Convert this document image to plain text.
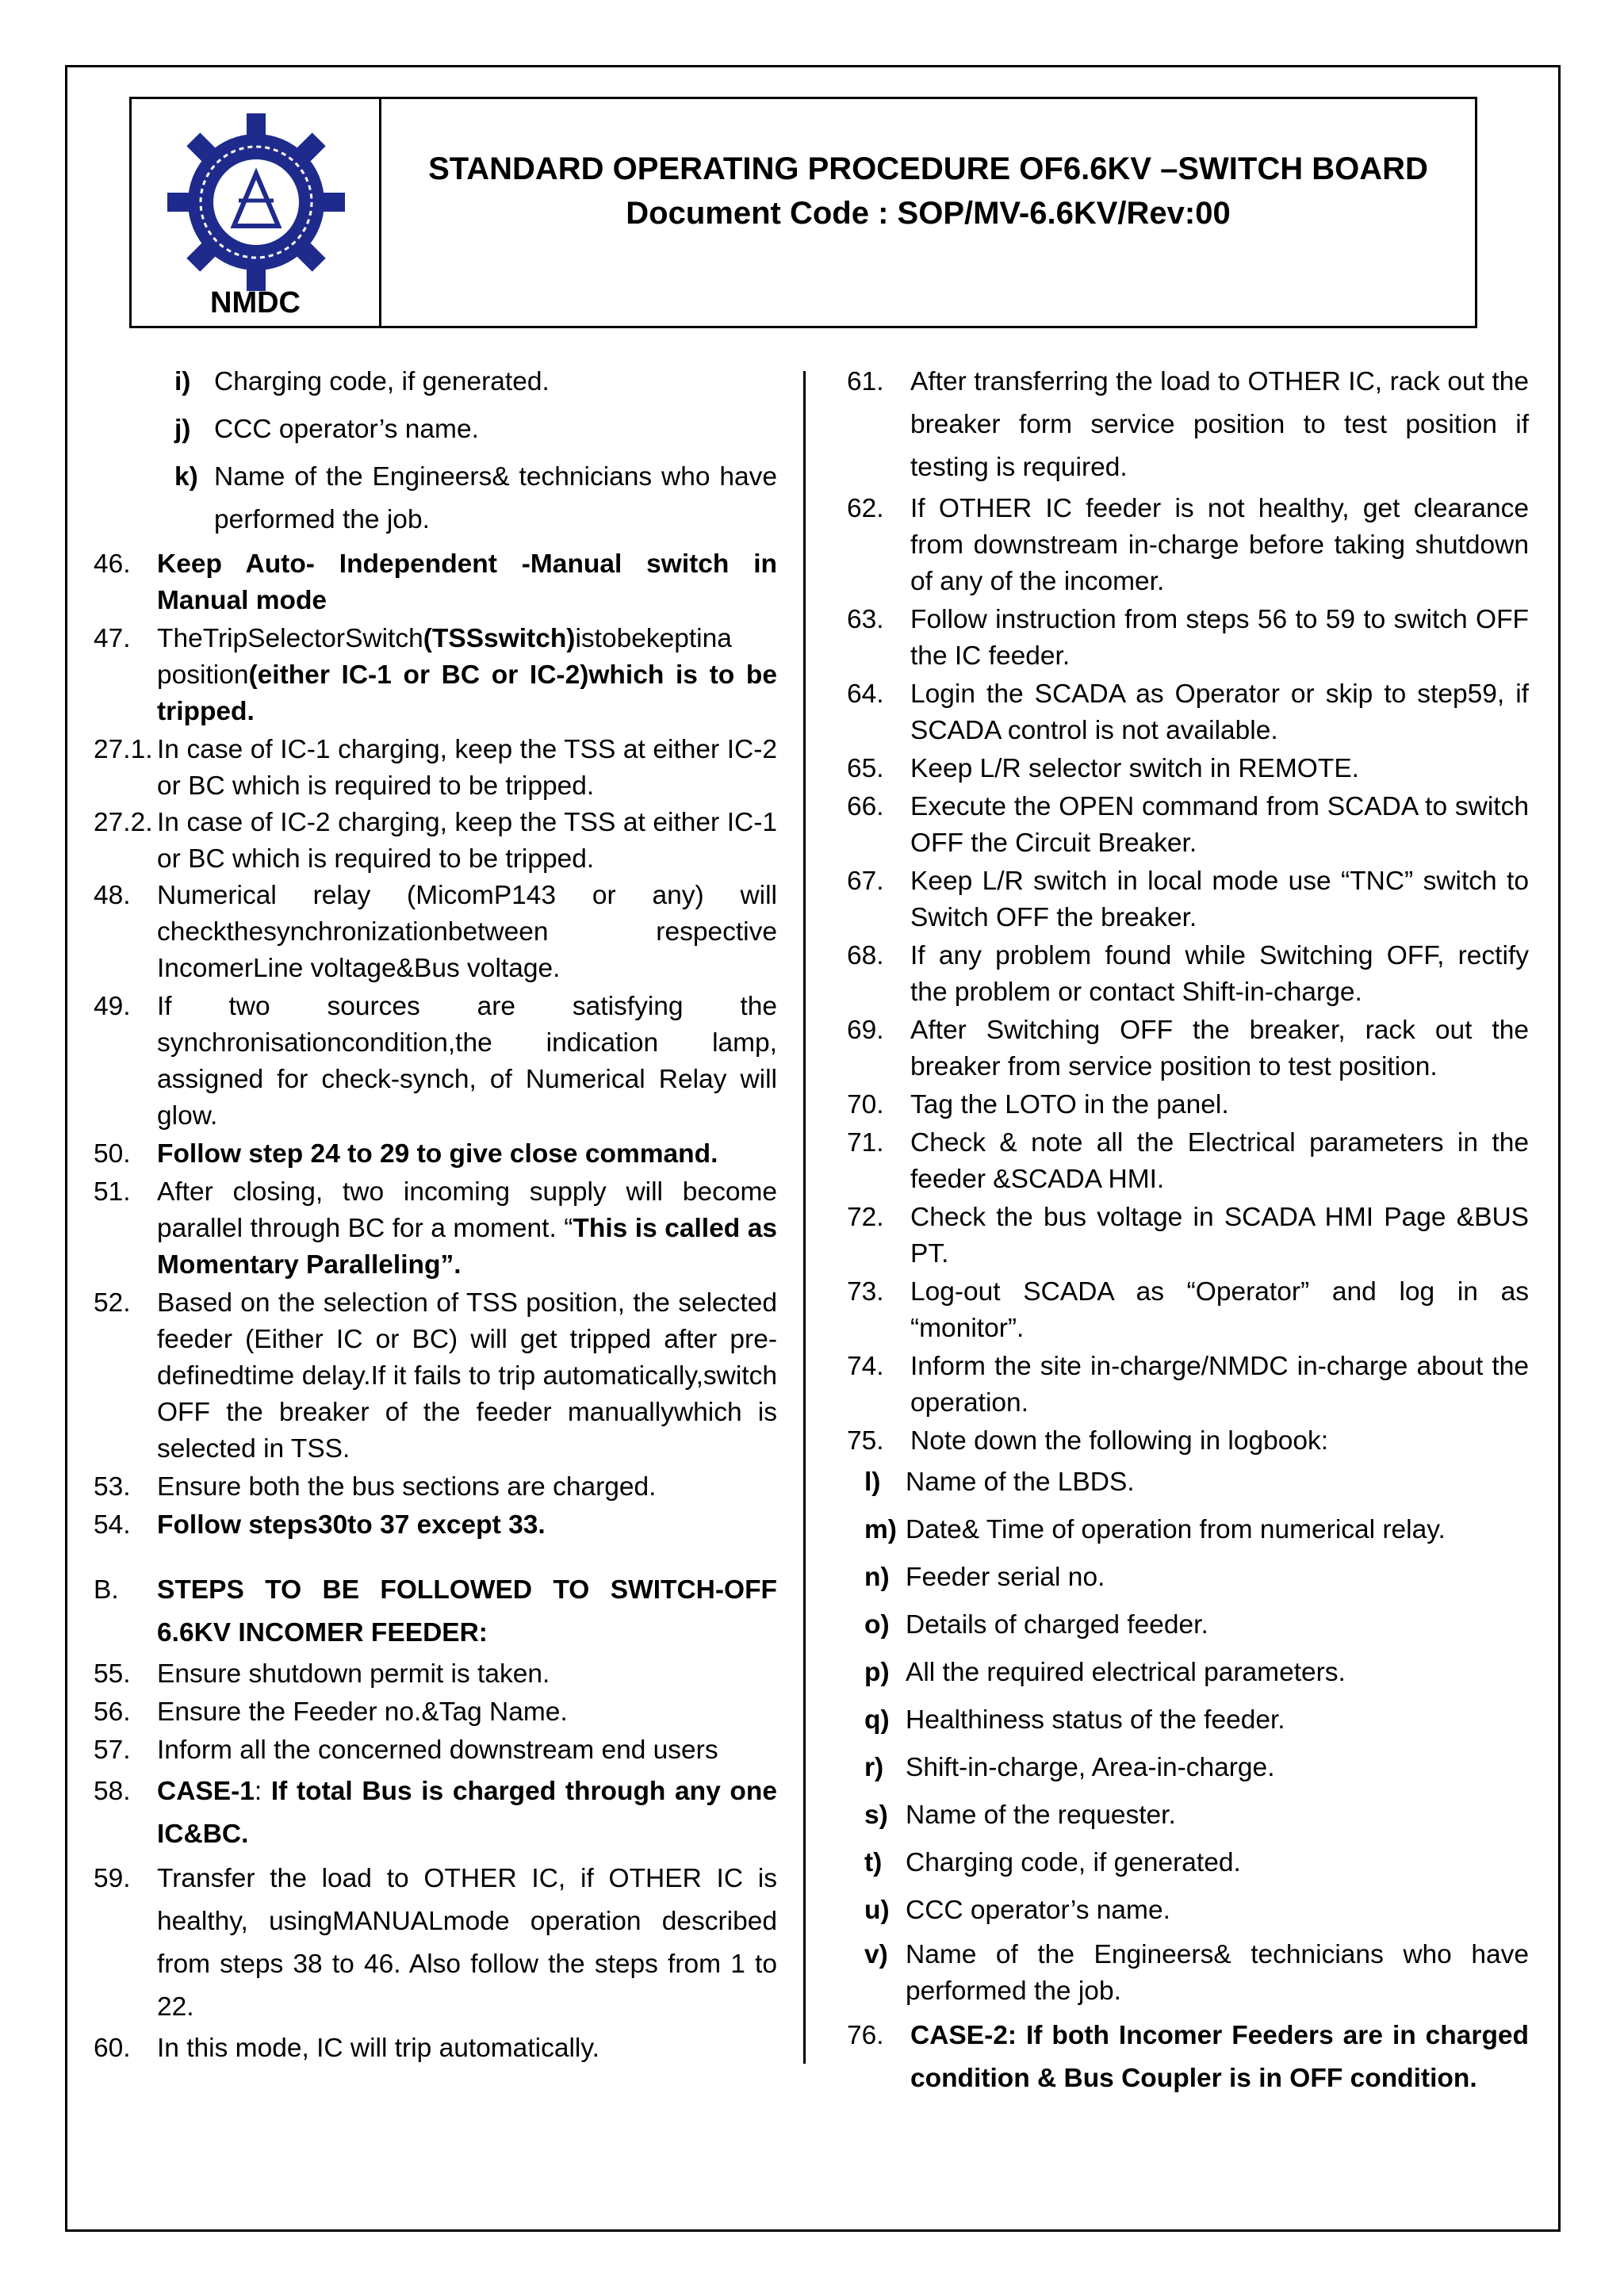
NMDC
STANDARD OPERATING PROCEDURE OF6.6KV –SWITCH BOARD
Document Code : SOP/MV-6.6KV/Rev:00
i) Charging code, if generated.
j) CCC operator’s name.
k) Name of the Engineers& technicians who have performed the job.
46. Keep Auto- Independent -Manual switch in Manual mode
47. TheTripSelectorSwitch(TSSswitch)istobekeptina position(either IC-1 or BC or IC-2)which is to be tripped.
27.1. In case of IC-1 charging, keep the TSS at either IC-2 or BC which is required to be tripped.
27.2. In case of IC-2 charging, keep the TSS at either IC-1 or BC which is required to be tripped.
48. Numerical relay (MicomP143 or any) will checkthesynchronizationbetween respective IncomerLine voltage&Bus voltage.
49. If two sources are satisfying the synchronisationcondition,the indication lamp, assigned for check-synch, of Numerical Relay will glow.
50. Follow step 24 to 29 to give close command.
51. After closing, two incoming supply will become parallel through BC for a moment. “This is called as Momentary Paralleling”.
52. Based on the selection of TSS position, the selected feeder (Either IC or BC) will get tripped after pre-definedtime delay.If it fails to trip automatically,switch OFF the breaker of the feeder manuallywhich is selected in TSS.
53. Ensure both the bus sections are charged.
54. Follow steps30to 37 except 33.
B. STEPS TO BE FOLLOWED TO SWITCH-OFF 6.6KV INCOMER FEEDER:
55. Ensure shutdown permit is taken.
56. Ensure the Feeder no.&Tag Name.
57. Inform all the concerned downstream end users
58. CASE-1: If total Bus is charged through any one IC&BC.
59. Transfer the load to OTHER IC, if OTHER IC is healthy, usingMANUALmode operation described from steps 38 to 46. Also follow the steps from 1 to 22.
60. In this mode, IC will trip automatically.
61. After transferring the load to OTHER IC, rack out the breaker form service position to test position if testing is required.
62. If OTHER IC feeder is not healthy, get clearance from downstream in-charge before taking shutdown of any of the incomer.
63. Follow instruction from steps 56 to 59 to switch OFF the IC feeder.
64. Login the SCADA as Operator or skip to step59, if SCADA control is not available.
65. Keep L/R selector switch in REMOTE.
66. Execute the OPEN command from SCADA to switch OFF the Circuit Breaker.
67. Keep L/R switch in local mode use “TNC” switch to Switch OFF the breaker.
68. If any problem found while Switching OFF, rectify the problem or contact Shift-in-charge.
69. After Switching OFF the breaker, rack out the breaker from service position to test position.
70. Tag the LOTO in the panel.
71. Check & note all the Electrical parameters in the feeder &SCADA HMI.
72. Check the bus voltage in SCADA HMI Page &BUS PT.
73. Log-out SCADA as “Operator” and log in as “monitor”.
74. Inform the site in-charge/NMDC in-charge about the operation.
75. Note down the following in logbook:
l) Name of the LBDS.
m) Date& Time of operation from numerical relay.
n) Feeder serial no.
o) Details of charged feeder.
p) All the required electrical parameters.
q) Healthiness status of the feeder.
r) Shift-in-charge, Area-in-charge.
s) Name of the requester.
t) Charging code, if generated.
u) CCC operator’s name.
v) Name of the Engineers& technicians who have performed the job.
76. CASE-2: If both Incomer Feeders are in charged condition & Bus Coupler is in OFF condition.
